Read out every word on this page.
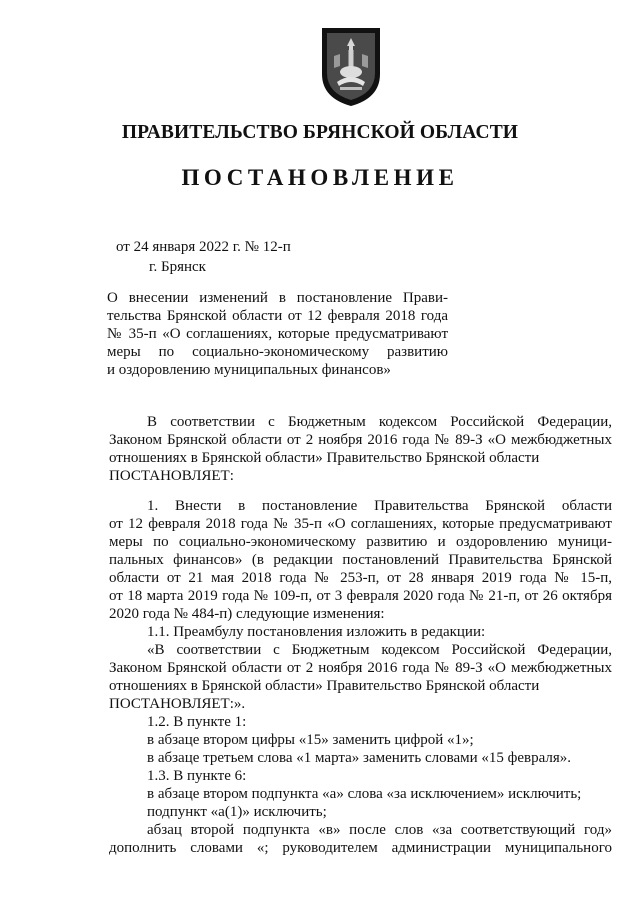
ПРАВИТЕЛЬСТВО БРЯНСКОЙ ОБЛАСТИ
ПОСТАНОВЛЕНИЕ
от 24 января 2022 г. № 12-п
г. Брянск
О внесении изменений в постановление Прави-
тельства Брянской области от 12 февраля 2018 года
№ 35-п «О соглашениях, которые предусматривают
меры по социально-экономическому развитию
и оздоровлению муниципальных финансов»
В соответствии с Бюджетным кодексом Российской Федерации,
Законом Брянской области от 2 ноября 2016 года № 89-З «О межбюджетных
отношениях в Брянской области» Правительство Брянской области
ПОСТАНОВЛЯЕТ:
1. Внести в постановление Правительства Брянской области
от 12 февраля 2018 года № 35-п «О соглашениях, которые предусматривают
меры по социально-экономическому развитию и оздоровлению муници-
пальных финансов» (в редакции постановлений Правительства Брянской
области от 21 мая 2018 года № 253-п, от 28 января 2019 года № 15-п,
от 18 марта 2019 года № 109-п, от 3 февраля 2020 года № 21-п, от 26 октября
2020 года № 484-п) следующие изменения:
1.1. Преамбулу постановления изложить в редакции:
«В соответствии с Бюджетным кодексом Российской Федерации,
Законом Брянской области от 2 ноября 2016 года № 89-З «О межбюджетных
отношениях в Брянской области» Правительство Брянской области
ПОСТАНОВЛЯЕТ:».
1.2. В пункте 1:
в абзаце втором цифры «15» заменить цифрой «1»;
в абзаце третьем слова «1 марта» заменить словами «15 февраля».
1.3. В пункте 6:
в абзаце втором подпункта «а» слова «за исключением» исключить;
подпункт «а(1)» исключить;
абзац второй подпункта «в» после слов «за соответствующий год»
дополнить словами «; руководителем администрации муниципального
